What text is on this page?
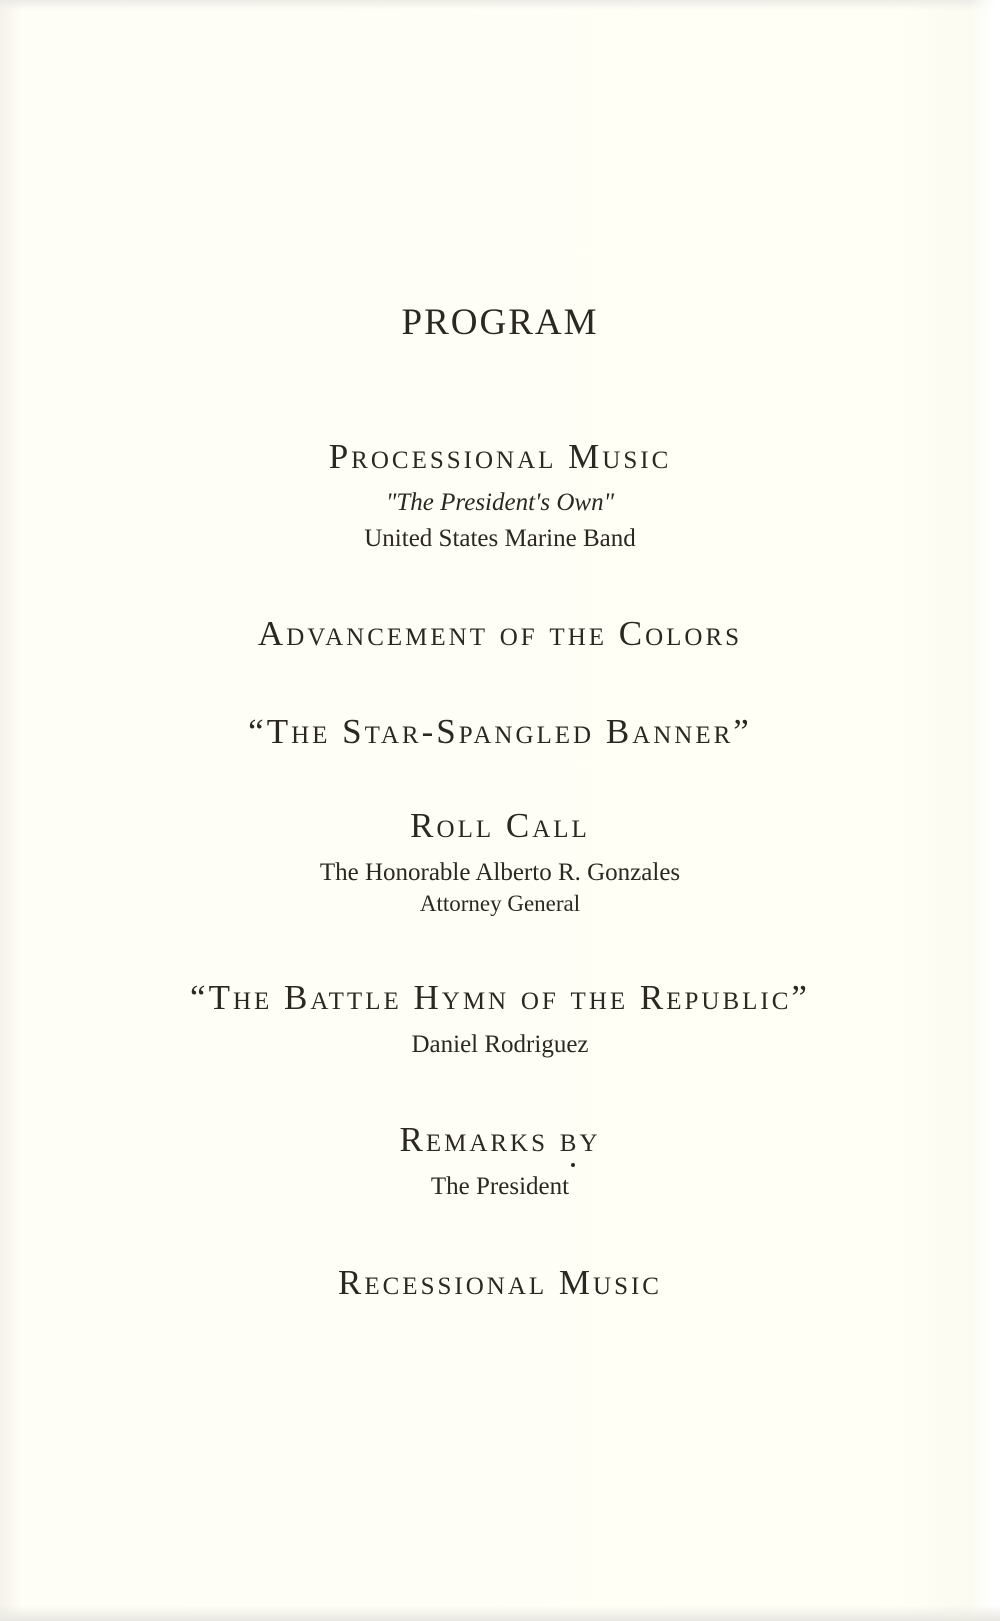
PROGRAM
Processional Music
"The President's Own"
United States Marine Band
Advancement of the Colors
“The Star-Spangled Banner”
Roll Call
The Honorable Alberto R. Gonzales
Attorney General
“The Battle Hymn of the Republic”
Daniel Rodriguez
Remarks by
The President
Recessional Music
